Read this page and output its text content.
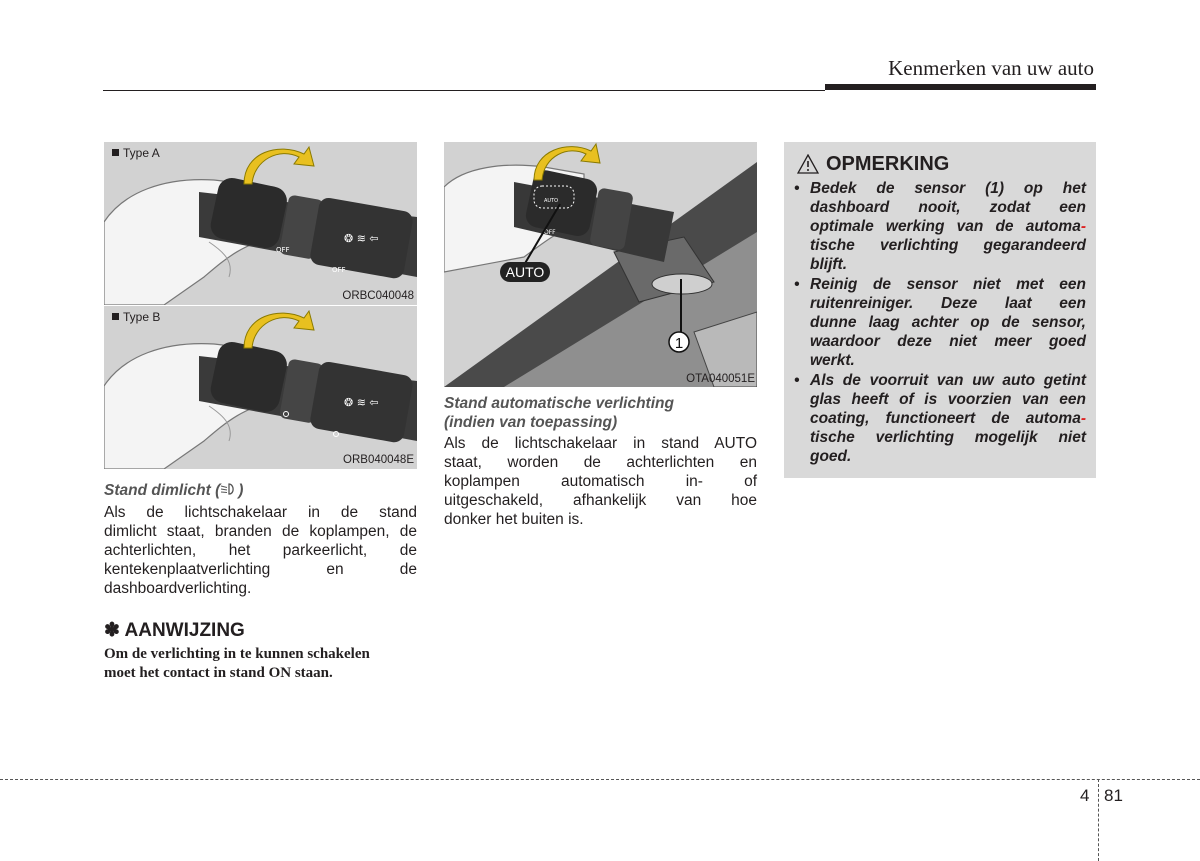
Kenmerken van uw auto
OFF
OFF
❂ ≋ ⇦
Type A
ORBC040048
❂ ≋ ⇦
Type B
ORB040048E
AUTO
OFF
AUTO
1
OTA040051E
Stand dimlicht ( )
Als de lichtschakelaar in de stand
dimlicht staat, branden de koplampen, de
achterlichten, het parkeerlicht, de
kentekenplaatverlichting en de
dashboardverlichting.
✽ AANWIJZING
Om de verlichting in te kunnen schakelen
moet het contact in stand ON staan.
Stand automatische verlichting
(indien van toepassing)
Als de lichtschakelaar in stand AUTO
staat, worden de achterlichten en
koplampen automatisch in- of
uitgeschakeld, afhankelijk van hoe
donker het buiten is.
OPMERKING
• Bedek de sensor (1) op het
dashboard nooit, zodat een
optimale werking van de automa-
tische verlichting gegarandeerd
blijft.
• Reinig de sensor niet met een
ruitenreiniger. Deze laat een
dunne laag achter op de sensor,
waardoor deze niet meer goed
werkt.
• Als de voorruit van uw auto getint
glas heeft of is voorzien van een
coating, functioneert de automa-
tische verlichting mogelijk niet
goed.
4 81
